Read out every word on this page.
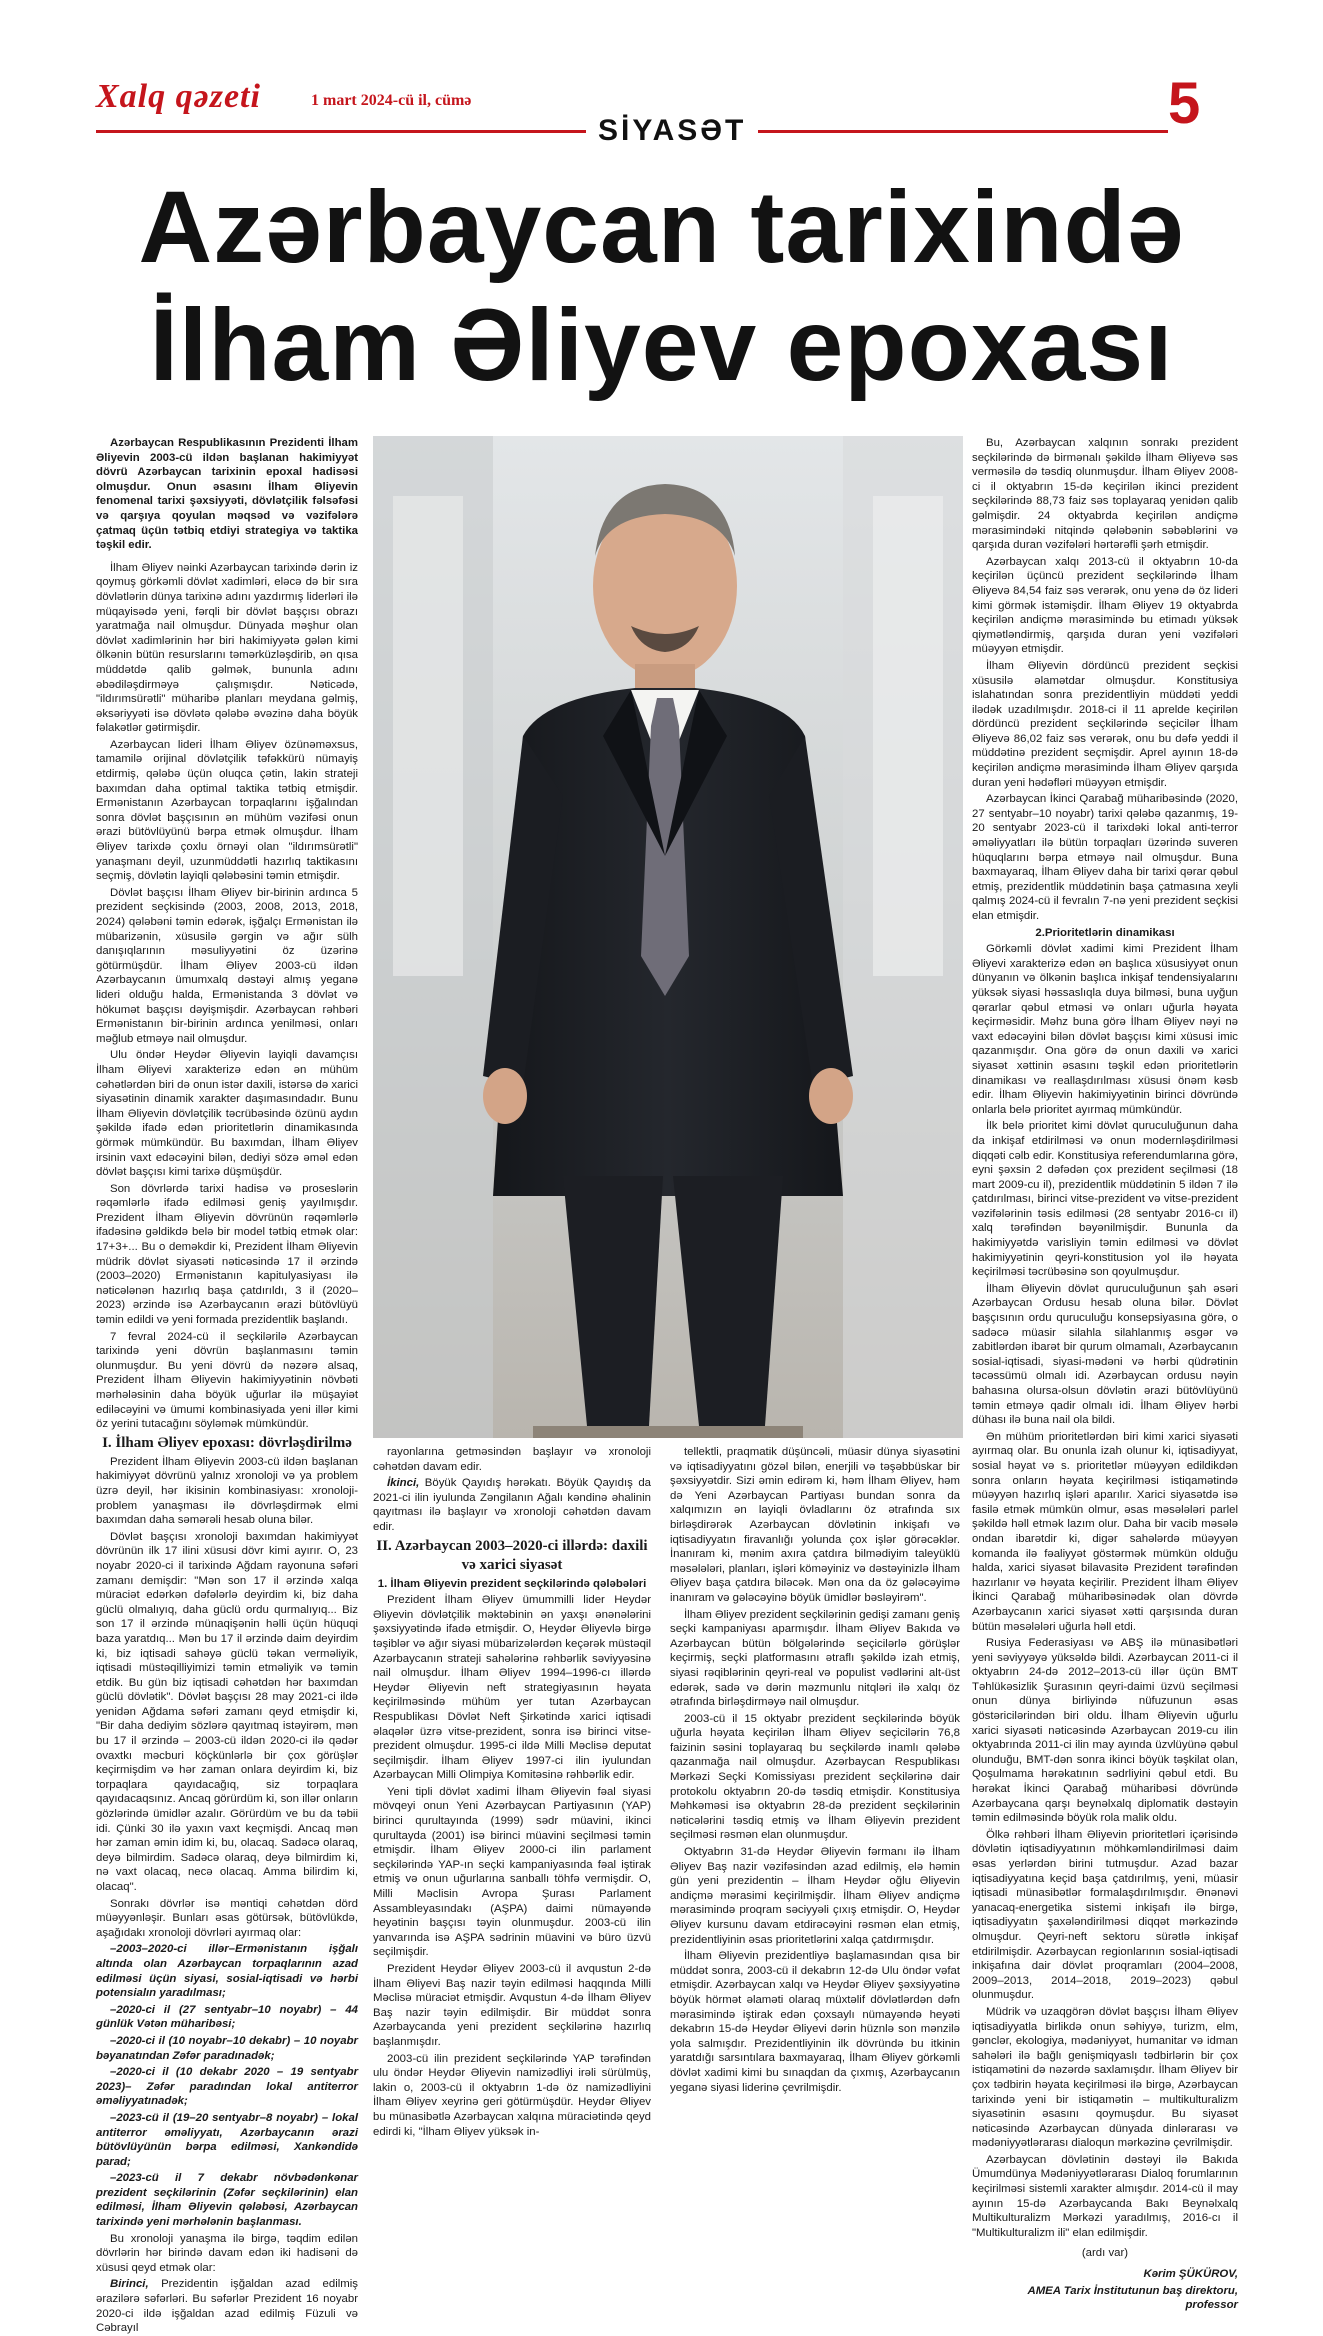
Xalq qəzeti	1 mart 2024-cü il, cümə
SİYASƏT	5
Azərbaycan tarixində
İlham Əliyev epoxası

Azərbaycan Respublikasının Prezidenti İlham Əliyevin 2003-cü ildən başlanan hakimiyyət dövrü Azərbaycan tarixinin epoxal hadisəsi olmuşdur. Onun əsasını İlham Əliyevin fenomenal tarixi şəxsiyyəti, dövlətçilik fəlsəfəsi və qarşıya qoyulan məqsəd və vəzifələrə çatmaq üçün tətbiq etdiyi strategiya və taktika təşkil edir.

İlham Əliyev nəinki Azərbaycan tarixində dərin iz qoymuş görkəmli dövlət xadimləri, eləcə də bir sıra dövlətlərin dünya tarixinə adını yazdırmış liderləri ilə müqayisədə yeni, fərqli bir dövlət başçısı obrazı yaratmağa nail olmuşdur. Dünyada məşhur olan dövlət xadimlərinin hər biri hakimiyyətə gələn kimi ölkənin bütün resurslarını təmərküzləşdirib, ən qısa müddətdə qalib gəlmək, bununla adını əbədiləşdirməyə çalışmışdır. Nəticədə, "ildırımsürətli" müharibə planları meydana gəlmiş, əksəriyyəti isə dövlətə qələbə əvəzinə daha böyük fəlakətlər gətirmişdir.

Azərbaycan lideri İlham Əliyev özünəməxsus, tamamilə orijinal dövlətçilik təfəkkürü nümayiş etdirmiş, qələbə üçün oluqca çətin, lakin strateji baxımdan daha optimal taktika tətbiq etmişdir. Ermənistanın Azərbaycan torpaqlarını işğalından sonra dövlət başçısının ən mühüm vəzifəsi onun ərazi bütövlüyünü bərpa etmək olmuşdur. İlham Əliyev tarixdə çoxlu örnəyi olan "ildırımsürətli" yanaşmanı deyil, uzunmüddətli hazırlıq taktikasını seçmiş, dövlətin layiqli qələbəsini təmin etmişdir.

Dövlət başçısı İlham Əliyev bir-birinin ardınca 5 prezident seçkisində (2003, 2008, 2013, 2018, 2024) qələbəni təmin edərək, işğalçı Ermənistan ilə mübarizənin, xüsusilə gərgin və ağır sülh danışıqlarının məsuliyyətini öz üzərinə götürmüşdür. İlham Əliyev 2003-cü ildən Azərbaycanın ümumxalq dəstəyi almış yeganə lideri olduğu halda, Ermənistanda 3 dövlət və hökumət başçısı dəyişmişdir. Azərbaycan rəhbəri Ermənistanın bir-birinin ardınca yenilməsi, onları məğlub etməyə nail olmuşdur.

Ulu öndər Heydər Əliyevin layiqli davamçısı İlham Əliyevi xarakterizə edən ən mühüm cəhətlərdən biri də onun istər daxili, istərsə də xarici siyasətinin dinamik xarakter daşımasındadır. Bunu İlham Əliyevin dövlətçilik təcrübəsində özünü aydın şəkildə ifadə edən prioritetlərin dinamikasında görmək mümkündür. Bu baxımdan, İlham Əliyev irsinin vaxt edəcəyini bilən, dediyi sözə əməl edən dövlət başçısı kimi tarixə düşmüşdür.

Son dövrlərdə tarixi hadisə və proseslərin rəqəmlərlə ifadə edilməsi geniş yayılmışdır. Prezident İlham Əliyevin dövrünün rəqəmlərlə ifadəsinə gəldikdə belə bir model tətbiq etmək olar: 17+3+... Bu o deməkdir ki, Prezident İlham Əliyevin müdrik dövlət siyasəti nəticəsində 17 il ərzində (2003–2020) Ermənistanın kapitulyasiyası ilə nəticələnən hazırlıq başa çatdırıldı, 3 il (2020–2023) ərzində isə Azərbaycanın ərazi bütövlüyü təmin edildi və yeni formada prezidentlik başlandı.

7 fevral 2024-cü il seçkilərilə Azərbaycan tarixində yeni dövrün başlanmasını təmin olunmuşdur. Bu yeni dövrü də nəzərə alsaq, Prezident İlham Əliyevin hakimiyyətinin növbəti mərhələsinin daha böyük uğurlar ilə müşayiət ediləcəyini və ümumi kombinasiyada yeni illər kimi öz yerini tutacağını söyləmək mümkündür.

I. İlham Əliyev epoxası: dövrləşdirilmə

Prezident İlham Əliyevin 2003-cü ildən başlanan hakimiyyət dövrünü yalnız xronoloji və ya problem üzrə deyil, hər ikisinin kombinasiyası: xronoloji-problem yanaşması ilə dövrləşdirmək elmi baxımdan daha səmərəli hesab oluna bilər.

Dövlət başçısı xronoloji baxımdan hakimiyyət dövrünün ilk 17 ilini xüsusi dövr kimi ayırır. O, 23 noyabr 2020-ci il tarixində Ağdam rayonuna səfəri zamanı demişdir: "Mən son 17 il ərzində xalqa müraciət edərkən dəfələrlə deyirdim ki, biz daha güclü olmalıyıq, daha güclü ordu qurmalıyıq... Biz son 17 il ərzində münaqişənin həlli üçün hüquqi baza yaratdıq... Mən bu 17 il ərzində daim deyirdim ki, biz iqtisadi sahəyə güclü təkan verməliyik, iqtisadi müstəqilliyimizi təmin etməliyik və təmin etdik. Bu gün biz iqtisadi cəhətdən hər baxımdan güclü dövlətik". Dövlət başçısı 28 may 2021-ci ildə yenidən Ağdama səfəri zamanı qeyd etmişdir ki, "Bir daha dediyim sözlərə qayıtmaq istəyirəm, mən bu 17 il ərzində – 2003-cü ildən 2020-ci ilə qədər ovaxtkı məcburi köçkünlərlə bir çox görüşlər keçirmişdim və hər zaman onlara deyirdim ki, biz torpaqlara qayıdacağıq, siz torpaqlara qayıdacaqsınız. Ancaq görürdüm ki, son illər onların gözlərində ümidlər azalır. Görürdüm ve bu da təbii idi. Çünki 30 ilə yaxın vaxt keçmişdi. Ancaq mən hər zaman əmin idim ki, bu, olacaq. Sadəcə olaraq, deyə bilmirdim. Sadəcə olaraq, deyə bilmirdim ki, nə vaxt olacaq, necə olacaq. Amma bilirdim ki, olacaq".

Sonrakı dövrlər isə məntiqi cəhətdən dörd müəyyənləşir. Bunları əsas götürsək, bütövlükdə, aşağıdakı xronoloji dövrləri ayırmaq olar:

–2003–2020-ci illər–Ermənistanın işğalı altında olan Azərbaycan torpaqlarının azad edilməsi üçün siyasi, sosial-iqtisadi və hərbi potensialın yaradılması;

–2020-ci il (27 sentyabr–10 noyabr) – 44 günlük Vətən müharibəsi;

–2020-ci il (10 noyabr–10 dekabr) – 10 noyabr bəyanatından Zəfər paradınadək;

–2020-ci il (10 dekabr 2020 – 19 sentyabr 2023)– Zəfər paradından lokal antiterror əməliyyatınadək;

–2023-cü il (19–20 sentyabr–8 noyabr) – lokal antiterror əməliyyatı, Azərbaycanın ərazi bütövlüyünün bərpa edilməsi, Xankəndidə parad;

–2023-cü il 7 dekabr növbədənkənar prezident seçkilərinin (Zəfər seçkilərinin) elan edilməsi, İlham Əliyevin qələbəsi, Azərbaycan tarixində yeni mərhələnin başlanması.

Bu xronoloji yanaşma ilə birgə, təqdim edilən dövrlərin hər birində davam edən iki hadisəni də xüsusi qeyd etmək olar:

Birinci, Prezidentin işğaldan azad edilmiş ərazilərə səfərləri. Bu səfərlər Prezident 16 noyabr 2020-ci ildə işğaldan azad edilmiş Füzuli və Cəbrayıl

rayonlarına getməsindən başlayır və xronoloji cəhətdən davam edir.

İkinci, Böyük Qayıdış hərəkatı. Böyük Qayıdış da 2021-ci ilin iyulunda Zəngilanın Ağalı kəndinə əhalinin qayıtması ilə başlayır və xronoloji cəhətdən davam edir.

II. Azərbaycan 2003–2020-ci illərdə: daxili və xarici siyasət

1. İlham Əliyevin prezident seçkilərində qələbələri

Prezident İlham Əliyev ümummilli lider Heydər Əliyevin dövlətçilik məktəbinin ən yaxşı ənənələrini şəxsiyyətində ifadə etmişdir. O, Heydər Əliyevlə birgə təşiblər və ağır siyasi mübarizələrdən keçərək müstəqil Azərbaycanın strateji sahələrinə rəhbərlik səviyyəsinə nail olmuşdur. İlham Əliyev 1994–1996-cı illərdə Heydər Əliyevin neft strategiyasının həyata keçirilməsində mühüm yer tutan Azərbaycan Respublikası Dövlət Neft Şirkətində xarici iqtisadi əlaqələr üzrə vitse-prezident, sonra isə birinci vitse-prezident olmuşdur. 1995-ci ildə Milli Məclisə deputat seçilmişdir. İlham Əliyev 1997-ci ilin iyulundan Azərbaycan Milli Olimpiya Komitəsinə rəhbərlik edir.

Yeni tipli dövlət xadimi İlham Əliyevin fəal siyasi mövqeyi onun Yeni Azərbaycan Partiyasının (YAP) birinci qurultayında (1999) sədr müavini, ikinci qurultayda (2001) isə birinci müavini seçilməsi təmin etmişdir. İlham Əliyev 2000-ci ilin parlament seçkilərində YAP-ın seçki kampaniyasında fəal iştirak etmiş və onun uğurlarına sanballı töhfə vermişdir. O, Milli Məclisin Avropa Şurası Parlament Assambleyasındakı (AŞPA) daimi nümayəndə heyətinin başçısı təyin olunmuşdur. 2003-cü ilin yanvarında isə AŞPA sədrinin müavini və büro üzvü seçilmişdir.

Prezident Heydər Əliyev 2003-cü il avqustun 2-də İlham Əliyevi Baş nazir təyin edilməsi haqqında Milli Məclisə müraciət etmişdir. Avqustun 4-də İlham Əliyev Baş nazir təyin edilmişdir. Bir müddət sonra Azərbaycanda yeni prezident seçkilərinə hazırlıq başlanmışdır.

2003-cü ilin prezident seçkilərində YAP tərəfindən ulu öndər Heydər Əliyevin namizədliyi irəli sürülmüş, lakin o, 2003-cü il oktyabrın 1-də öz namizədliyini İlham Əliyev xeyrinə geri götürmüşdür. Heydər Əliyev bu münasibətlə Azərbaycan xalqına müraciətində qeyd edirdi ki, "İlham Əliyev yüksək in-

tellektli, praqmatik düşüncəli, müasir dünya siyasətini və iqtisadiyyatını gözəl bilən, enerjili və təşəbbüskar bir şəxsiyyətdir. Sizi əmin edirəm ki, həm İlham Əliyev, həm də Yeni Azərbaycan Partiyası bundan sonra da xalqımızın ən layiqli övladlarını öz ətrafında sıx birləşdirərək Azərbaycan dövlətinin inkişafı və iqtisadiyyatın firavanlığı yolunda çox işlər görəcəklər. İnanıram ki, mənim axıra çatdıra bilmədiyim taleyüklü məsələləri, planları, işləri köməyiniz və dəstəyinizlə İlham Əliyev başa çatdıra biləcək. Mən ona da öz gələcəyimə inanıram və gələcəyinə böyük ümidlər bəsləyirəm".

İlham Əliyev prezident seçkilərinin gedişi zamanı geniş seçki kampaniyası aparmışdır. İlham Əliyev Bakıda və Azərbaycan bütün bölgələrində seçicilərlə görüşlər keçirmiş, seçki platformasını ətraflı şəkildə izah etmiş, siyasi rəqiblərinin qeyri-real və populist vədlərini alt-üst edərək, sadə və dərin məzmunlu nitqləri ilə xalqı öz ətrafında birləşdirməyə nail olmuşdur.

2003-cü il 15 oktyabr prezident seçkilərində böyük uğurla həyata keçirilən İlham Əliyev seçicilərin 76,8 faizinin səsini toplayaraq bu seçkilərdə inamlı qələbə qazanmağa nail olmuşdur. Azərbaycan Respublikası Mərkəzi Seçki Komissiyası prezident seçkilərinə dair protokolu oktyabrın 20-də təsdiq etmişdir. Konstitusiya Məhkəməsi isə oktyabrın 28-də prezident seçkilərinin nəticələrini təsdiq etmiş və İlham Əliyevin prezident seçilməsi rəsmən elan olunmuşdur.

Oktyabrın 31-də Heydər Əliyevin fərmanı ilə İlham Əliyev Baş nazir vəzifəsindən azad edilmiş, elə həmin gün yeni prezidentin – İlham Heydər oğlu Əliyevin andiçmə mərasimi keçirilmişdir. İlham Əliyev andiçmə mərasimində proqram səciyyəli çıxış etmişdir. O, Heydər Əliyev kursunu davam etdirəcəyini rəsmən elan etmiş, prezidentliyinin əsas prioritetlərini xalqa çatdırmışdır.

İlham Əliyevin prezidentliyə başlamasından qısa bir müddət sonra, 2003-cü il dekabrın 12-də Ulu öndər vəfat etmişdir. Azərbaycan xalqı və Heydər Əliyev şəxsiyyətinə böyük hörmət əlaməti olaraq müxtəlif dövlətlərdən dəfn mərasimində iştirak edən çoxsaylı nümayəndə heyəti dekabrın 15-də Heydər Əliyevi dərin hüznlə son mənzilə yola salmışdır. Prezidentliyinin ilk dövründə bu itkinin yaratdığı sarsıntılara baxmayaraq, İlham Əliyev görkəmli dövlət xadimi kimi bu sınaqdan da çıxmış, Azərbaycanın yeganə siyasi liderinə çevrilmişdir.

Bu, Azərbaycan xalqının sonrakı prezident seçkilərində də birmənalı şəkildə İlham Əliyevə səs verməsilə də təsdiq olunmuşdur. İlham Əliyev 2008-ci il oktyabrın 15-də keçirilən ikinci prezident seçkilərində 88,73 faiz səs toplayaraq yenidən qalib gəlmişdir. 24 oktyabrda keçirilən andiçmə mərasimindəki nitqində qələbənin səbəblərini və qarşıda duran vəzifələri hərtərəfli şərh etmişdir.

Azərbaycan xalqı 2013-cü il oktyabrın 10-da keçirilən üçüncü prezident seçkilərində İlham Əliyevə 84,54 faiz səs verərək, onu yenə də öz lideri kimi görmək istəmişdir. İlham Əliyev 19 oktyabrda keçirilən andiçmə mərasimində bu etimadı yüksək qiymətləndirmiş, qarşıda duran yeni vəzifələri müəyyən etmişdir.

İlham Əliyevin dördüncü prezident seçkisi xüsusilə əlamətdar olmuşdur. Konstitusiya islahatından sonra prezidentliyin müddəti yeddi ilədək uzadılmışdır. 2018-ci il 11 aprelde keçirilən dördüncü prezident seçkilərində seçicilər İlham Əliyevə 86,02 faiz səs verərək, onu bu dəfə yeddi il müddətinə prezident seçmişdir. Aprel ayının 18-də keçirilən andiçmə mərasimində İlham Əliyev qarşıda duran yeni hədəfləri müəyyən etmişdir.

Azərbaycan İkinci Qarabağ müharibəsində (2020, 27 sentyabr–10 noyabr) tarixi qələbə qazanmış, 19-20 sentyabr 2023-cü il tarixdəki lokal anti-terror əməliyyatları ilə bütün torpaqları üzərində suveren hüquqlarını bərpa etməyə nail olmuşdur. Buna baxmayaraq, İlham Əliyev daha bir tarixi qərar qəbul etmiş, prezidentlik müddətinin başa çatmasına xeyli qalmış 2024-cü il fevralın 7-nə yeni prezident seçkisi elan etmişdir.

2.Prioritetlərin dinamikası

Görkəmli dövlət xadimi kimi Prezident İlham Əliyevi xarakterizə edən ən başlıca xüsusiyyət onun dünyanın və ölkənin başlıca inkişaf tendensiyalarını yüksək siyasi həssaslıqla duya bilməsi, buna uyğun qərarlar qəbul etməsi və onları uğurla həyata keçirməsidir. Məhz buna görə İlham Əliyev nəyi nə vaxt edəcəyini bilən dövlət başçısı kimi xüsusi imic qazanmışdır. Ona görə də onun daxili və xarici siyasət xəttinin əsasını təşkil edən prioritetlərin dinamikası və reallaşdırılması xüsusi önəm kəsb edir. İlham Əliyevin hakimiyyətinin birinci dövründə onlarla belə prioritet ayırmaq mümkündür.

İlk belə prioritet kimi dövlət quruculuğunun daha da inkişaf etdirilməsi və onun modernləşdirilməsi diqqəti cəlb edir. Konstitusiya referendumlarına görə, eyni şəxsin 2 dəfədən çox prezident seçilməsi (18 mart 2009-cu il), prezidentlik müddətinin 5 ildən 7 ilə çatdırılması, birinci vitse-prezident və vitse-prezident vəzifələrinin təsis edilməsi (28 sentyabr 2016-cı il) xalq tərəfindən bəyənilmişdir. Bununla da hakimiyyətdə varisliyin təmin edilməsi və dövlət hakimiyyətinin qeyri-konstitusion yol ilə həyata keçirilməsi təcrübəsinə son qoyulmuşdur.

İlham Əliyevin dövlət quruculuğunun şah əsəri Azərbaycan Ordusu hesab oluna bilər. Dövlət başçısının ordu quruculuğu konsepsiyasına görə, o sadəcə müasir silahla silahlanmış əsgər və zabitlərdən ibarət bir qurum olmamalı, Azərbaycanın sosial-iqtisadi, siyasi-mədəni və hərbi qüdrətinin təcəssümü olmalı idi. Azərbaycan ordusu nəyin bahasına olursa-olsun dövlətin ərazi bütövlüyünü təmin etməyə qadir olmalı idi. İlham Əliyev hərbi dühası ilə buna nail ola bildi.

Ən mühüm prioritetlərdən biri kimi xarici siyasəti ayırmaq olar. Bu onunla izah olunur ki, iqtisadiyyat, sosial həyat və s. prioritetlər müəyyən edildikdən sonra onların həyata keçirilməsi istiqamətində müəyyən hazırlıq işləri aparılır. Xarici siyasətdə isə fasilə etmək mümkün olmur, əsas məsələləri parlel şəkildə həll etmək lazım olur. Daha bir vacib məsələ ondan ibarətdir ki, digər sahələrdə müəyyən komanda ilə fəaliyyət göstərmək mümkün olduğu halda, xarici siyasət bilavasitə Prezident tərəfindən hazırlanır və həyata keçirilir. Prezident İlham Əliyev İkinci Qarabağ müharibəsinədək olan dövrdə Azərbaycanın xarici siyasət xətti qarşısında duran bütün məsələləri uğurla həll etdi.

Rusiya Federasiyası və ABŞ ilə münasibətləri yeni səviyyəyə yüksəldə bildi. Azərbaycan 2011-ci il oktyabrın 24-də 2012–2013-cü illər üçün BMT Təhlükəsizlik Şurasının qeyri-daimi üzvü seçilməsi onun dünya birliyində nüfuzunun əsas göstəricilərindən biri oldu. İlham Əliyevin uğurlu xarici siyasəti nəticəsində Azərbaycan 2019-cu ilin oktyabrında 2011-ci ilin may ayında üzvlüyünə qəbul olunduğu, BMT-dən sonra ikinci böyük təşkilat olan, Qoşulmama hərəkatının sədrliyini qəbul etdi. Bu hərəkat İkinci Qarabağ müharibəsi dövründə Azərbaycana qarşı beynəlxalq diplomatik dəstəyin təmin edilməsində böyük rola malik oldu.

Ölkə rəhbəri İlham Əliyevin prioritetləri içərisində dövlətin iqtisadiyyatının möhkəmləndirilməsi daim əsas yerlərdən birini tutmuşdur. Azad bazar iqtisadiyyatına keçid başa çatdırılmış, yeni, müasir iqtisadi münasibətlər formalaşdırılmışdır. Ənənəvi yanacaq-energetika sistemi inkişafı ilə birgə, iqtisadiyyatın şaxələndirilməsi diqqət mərkəzində olmuşdur. Qeyri-neft sektoru sürətlə inkişaf etdirilmişdir. Azərbaycan regionlarının sosial-iqtisadi inkişafına dair dövlət proqramları (2004–2008, 2009–2013, 2014–2018, 2019–2023) qəbul olunmuşdur.

Müdrik və uzaqgörən dövlət başçısı İlham Əliyev iqtisadiyyatla birlikdə onun səhiyyə, turizm, elm, gənclər, ekologiya, mədəniyyət, humanitar və idman sahələri ilə bağlı genişmiqyaslı tədbirlərin bir çox istiqamətini də nəzərdə saxlamışdır. İlham Əliyev bir çox tədbirin həyata keçirilməsi ilə birgə, Azərbaycan tarixində yeni bir istiqamətin – multikulturalizm siyasətinin əsasını qoymuşdur. Bu siyasət nəticəsində Azərbaycan dünyada dinlərarası və mədəniyyətlərarası dialoqun mərkəzinə çevrilmişdir.

Azərbaycan dövlətinin dəstəyi ilə Bakıda Ümumdünya Mədəniyyətlərarası Dialoq forumlarının keçirilməsi sistemli xarakter almışdır. 2014-cü il may ayının 15-də Azərbaycanda Bakı Beynəlxalq Multikulturalizm Mərkəzi yaradılmış, 2016-cı il "Multikulturalizm ili" elan edilmişdir.

(ardı var)

Kərim ŞÜKÜROV,

AMEA Tarix İnstitutunun baş direktoru, professor
